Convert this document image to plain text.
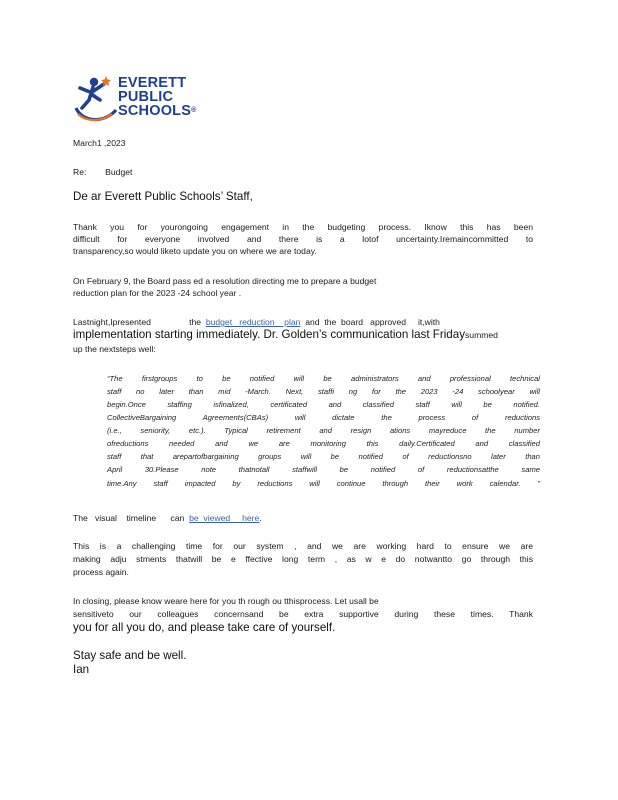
EVERETT
PUBLIC
SCHOOLS®
March1 ,2023
Re: Budget
De ar Everett Public Schools’ Staff,
Thank you for yourongoing engagement in the budgeting process. Iknow this has been
difficult for everyone involved and there is a lotof uncertainty.Iremaincommitted to
transparency,so would liketo update you on where we are today.
On February 9, the Board pass ed a resolution directing me to prepare a budget
reduction plan for the 2023 -24 school year .
Lastnight,Ipresented                the budget   reduction    plan and  the  board   approved     it,with
implementation starting immediately. Dr. Golden’s communication last Fridaysummed
up the nextsteps well:
“The firstgroups to be notified will be administrators and professional technical
staff no later than mid -March. Next, staffi ng for the 2023 -24 schoolyear will
begin.Once staffing isfinalized, certificated and classified staff will be notified.
CollectiveBargaining Agreements(CBAs) will dictate the process of reductions
(i.e., seniority, etc.). Typical retirement and resign ations mayreduce the number
ofreductions needed and we are monitoring this daily.Certificated and classified
staff that arepartofbargaining groups will be notified of reductionsno later than
April 30.Please note thatnotall staffwill be notified of reductionsatthe same
time.Any staff impacted by reductions will continue through their work calendar. ”
The   visual    timeline      can be  viewed     here.
This is a challenging time for our system , and we are working hard to ensure we are
making adju stments thatwill be e ffective long term , as w e do notwantto go through this
process again.
In closing, please know weare here for you th rough ou tthisprocess. Let usall be
sensitiveto our colleagues concernsand be extra supportive during these times. Thank
you for all you do, and please take care of yourself.
Stay safe and be well.
Ian
